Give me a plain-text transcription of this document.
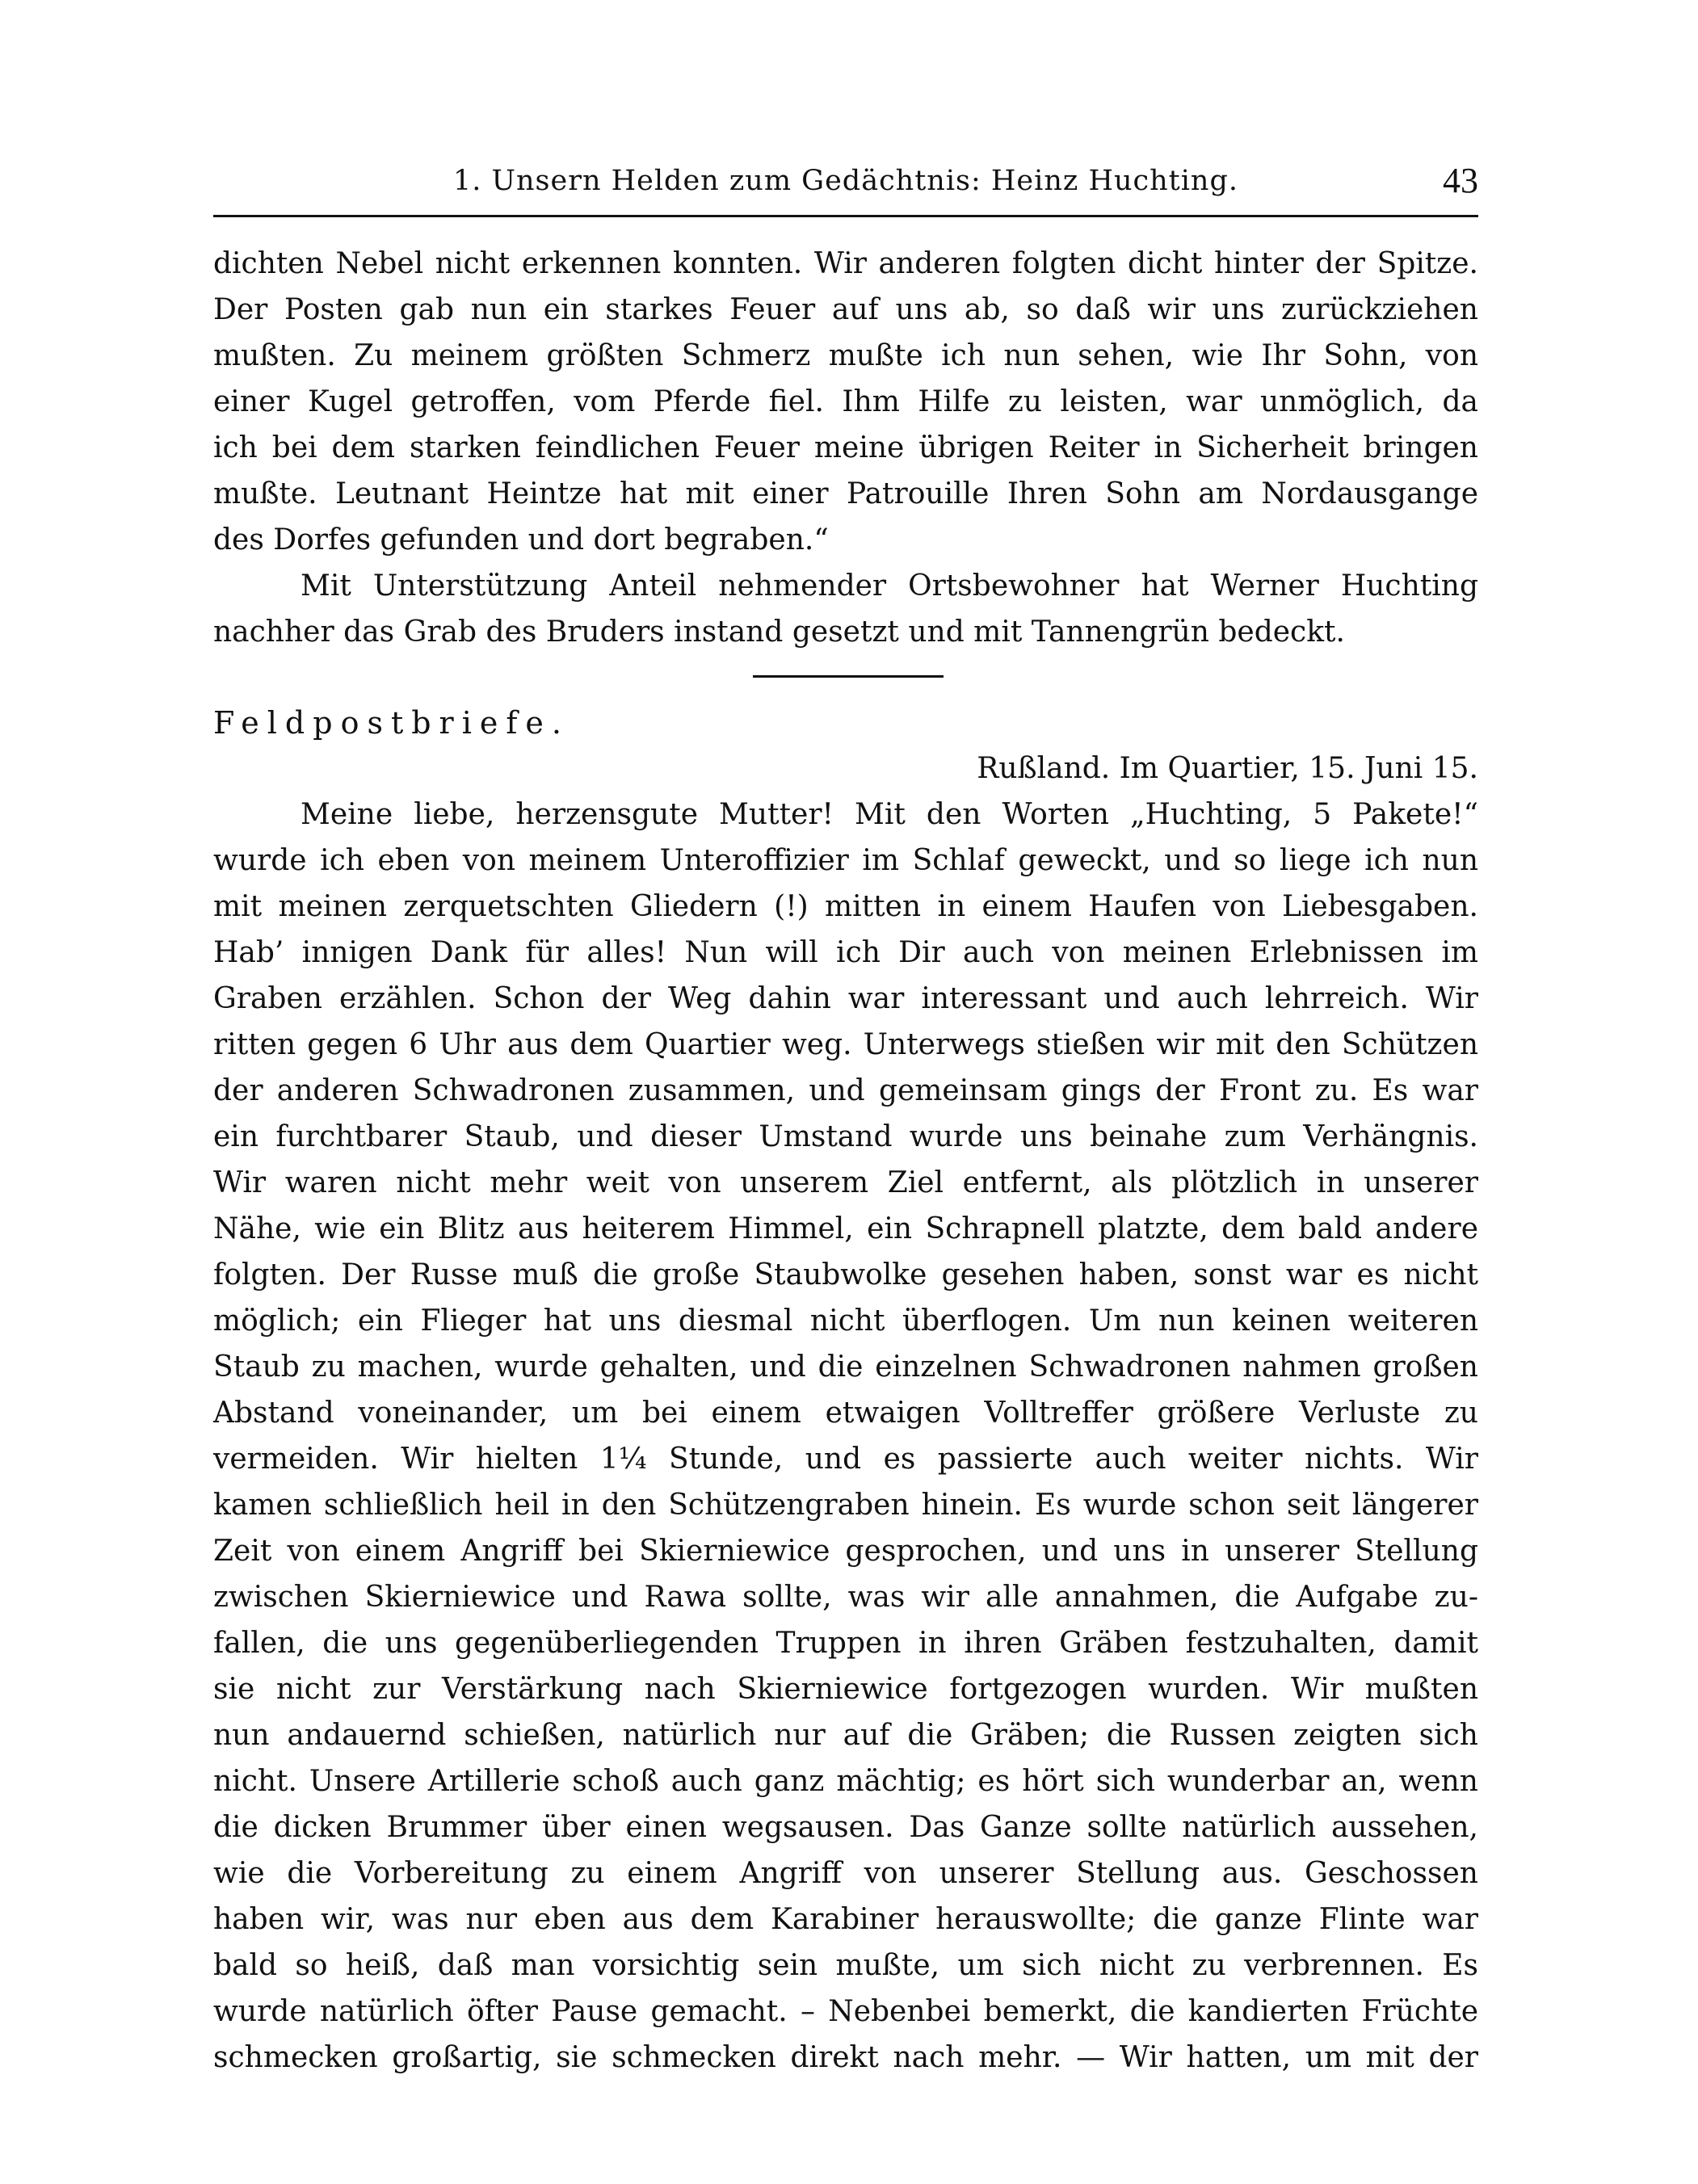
1. Unsern Helden zum Gedächtnis: Heinz Huchting.	43
dichten Nebel nicht erkennen konnten. Wir anderen folgten dicht hinter der Spitze.
Der Posten gab nun ein starkes Feuer auf uns ab, so daß wir uns zurückziehen
mußten. Zu meinem größten Schmerz mußte ich nun sehen, wie Ihr Sohn, von
einer Kugel getroffen, vom Pferde fiel. Ihm Hilfe zu leisten, war unmöglich, da
ich bei dem starken feindlichen Feuer meine übrigen Reiter in Sicherheit bringen
mußte. Leutnant Heintze hat mit einer Patrouille Ihren Sohn am Nordausgange
des Dorfes gefunden und dort begraben.“
Mit Unterstützung Anteil nehmender Ortsbewohner hat Werner Huchting
nachher das Grab des Bruders instand gesetzt und mit Tannengrün bedeckt.
Feldpostbriefe.
Rußland. Im Quartier, 15. Juni 15.
Meine liebe, herzensgute Mutter! Mit den Worten „Huchting, 5 Pakete!“
wurde ich eben von meinem Unteroffizier im Schlaf geweckt, und so liege ich nun
mit meinen zerquetschten Gliedern (!) mitten in einem Haufen von Liebesgaben.
Hab’ innigen Dank für alles! Nun will ich Dir auch von meinen Erlebnissen im
Graben erzählen. Schon der Weg dahin war interessant und auch lehrreich. Wir
ritten gegen 6 Uhr aus dem Quartier weg. Unterwegs stießen wir mit den Schützen
der anderen Schwadronen zusammen, und gemeinsam gings der Front zu. Es war
ein furchtbarer Staub, und dieser Umstand wurde uns beinahe zum Verhängnis.
Wir waren nicht mehr weit von unserem Ziel entfernt, als plötzlich in unserer
Nähe, wie ein Blitz aus heiterem Himmel, ein Schrapnell platzte, dem bald andere
folgten. Der Russe muß die große Staubwolke gesehen haben, sonst war es nicht
möglich; ein Flieger hat uns diesmal nicht überflogen. Um nun keinen weiteren
Staub zu machen, wurde gehalten, und die einzelnen Schwadronen nahmen großen
Abstand voneinander, um bei einem etwaigen Volltreffer größere Verluste zu
vermeiden. Wir hielten 1¼ Stunde, und es passierte auch weiter nichts. Wir
kamen schließlich heil in den Schützengraben hinein. Es wurde schon seit längerer
Zeit von einem Angriff bei Skierniewice gesprochen, und uns in unserer Stellung
zwischen Skierniewice und Rawa sollte, was wir alle annahmen, die Aufgabe zu-
fallen, die uns gegenüberliegenden Truppen in ihren Gräben festzuhalten, damit
sie nicht zur Verstärkung nach Skierniewice fortgezogen wurden. Wir mußten
nun andauernd schießen, natürlich nur auf die Gräben; die Russen zeigten sich
nicht. Unsere Artillerie schoß auch ganz mächtig; es hört sich wunderbar an, wenn
die dicken Brummer über einen wegsausen. Das Ganze sollte natürlich aussehen,
wie die Vorbereitung zu einem Angriff von unserer Stellung aus. Geschossen
haben wir, was nur eben aus dem Karabiner herauswollte; die ganze Flinte war
bald so heiß, daß man vorsichtig sein mußte, um sich nicht zu verbrennen. Es
wurde natürlich öfter Pause gemacht. – Nebenbei bemerkt, die kandierten Früchte
schmecken großartig, sie schmecken direkt nach mehr. — Wir hatten, um mit der
